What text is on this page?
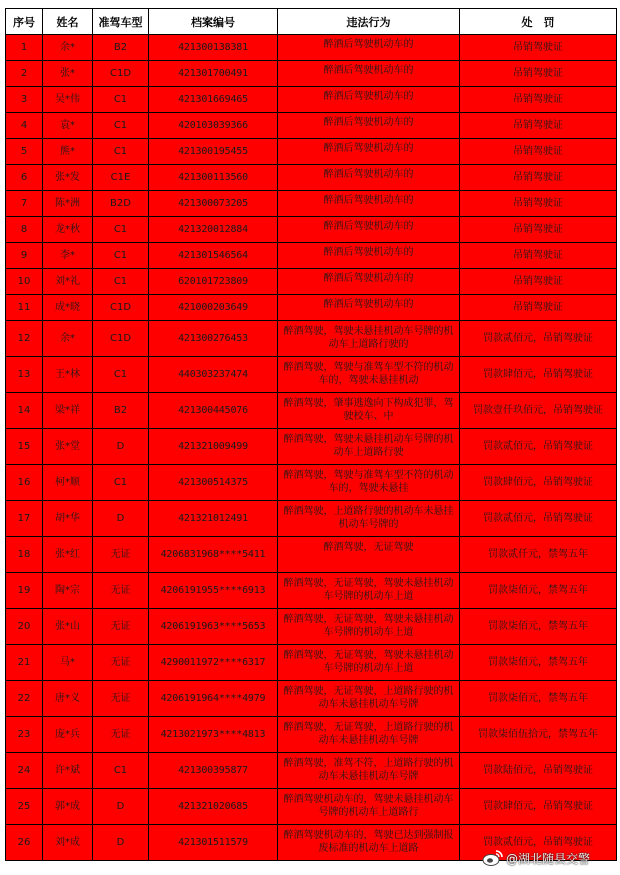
序号	姓名	准驾车型	档案编号	违法行为	处　罚
1	余*	B2	421300138381	醉酒后驾驶机动车的	吊销驾驶证
2	张*	C1D	421301700491	醉酒后驾驶机动车的	吊销驾驶证
3	吴*伟	C1	421301669465	醉酒后驾驶机动车的	吊销驾驶证
4	袁*	C1	420103039366	醉酒后驾驶机动车的	吊销驾驶证
5	熊*	C1	421300195455	醉酒后驾驶机动车的	吊销驾驶证
6	张*发	C1E	421300113560	醉酒后驾驶机动车的	吊销驾驶证
7	陈*洲	B2D	421300073205	醉酒后驾驶机动车的	吊销驾驶证
8	龙*秋	C1	421320012884	醉酒后驾驶机动车的	吊销驾驶证
9	李*	C1	421301546564	醉酒后驾驶机动车的	吊销驾驶证
10	刘*礼	C1	620101723809	醉酒后驾驶机动车的	吊销驾驶证
11	成*晓	C1D	421000203649	醉酒后驾驶机动车的	吊销驾驶证
12	余*	C1D	421300276453	醉酒驾驶，驾驶未悬挂机动车号牌的机动车上道路行驶的	罚款贰佰元，吊销驾驶证
13	王*林	C1	440303237474	醉酒驾驶，驾驶与准驾车型不符的机动车的，驾驶未悬挂机动	罚款肆佰元，吊销驾驶证
14	梁*祥	B2	421300445076	醉酒驾驶，肇事逃逸向下构成犯罪，驾驶校车、中	罚款壹仟玖佰元，吊销驾驶证
15	张*堂	D	421321009499	醉酒驾驶，驾驶未悬挂机动车号牌的机动车上道路行驶	罚款贰佰元，吊销驾驶证
16	柯*顺	C1	421300514375	醉酒驾驶，驾驶与准驾车型不符的机动车的，驾驶未悬挂	罚款肆佰元，吊销驾驶证
17	胡*华	D	421321012491	醉酒驾驶，上道路行驶的机动车未悬挂机动车号牌的	罚款贰佰元，吊销驾驶证
18	张*红	无证	4206831968****5411	醉酒驾驶，无证驾驶	罚款贰仟元，禁驾五年
19	陶*宗	无证	4206191955****6913	醉酒驾驶，无证驾驶，驾驶未悬挂机动车号牌的机动车上道	罚款柒佰元，禁驾五年
20	张*山	无证	4206191963****5653	醉酒驾驶，无证驾驶，驾驶未悬挂机动车号牌的机动车上道	罚款柒佰元，禁驾五年
21	马*	无证	4290011972****6317	醉酒驾驶，无证驾驶，驾驶未悬挂机动车号牌的机动车上道	罚款柒佰元，禁驾五年
22	唐*义	无证	4206191964****4979	醉酒驾驶，无证驾驶，上道路行驶的机动车未悬挂机动车号牌	罚款柒佰元，禁驾五年
23	庞*兵	无证	4213021973****4813	醉酒驾驶，无证驾驶，上道路行驶的机动车未悬挂机动车号牌	罚款柒佰伍拾元，禁驾五年
24	许*斌	C1	421300395877	醉酒驾驶，准驾不符，上道路行驶的机动车未悬挂机动车号牌	罚款陆佰元，吊销驾驶证
25	郭*成	D	421321020685	醉酒驾驶机动车的，驾驶未悬挂机动车号牌的机动车上道路行	罚款肆佰元，吊销驾驶证
26	刘*成	D	421301511579	醉酒驾驶机动车的，驾驶已达到强制报废标准的机动车上道路	罚款贰佰元，吊销驾驶证
@湖北随县交警
